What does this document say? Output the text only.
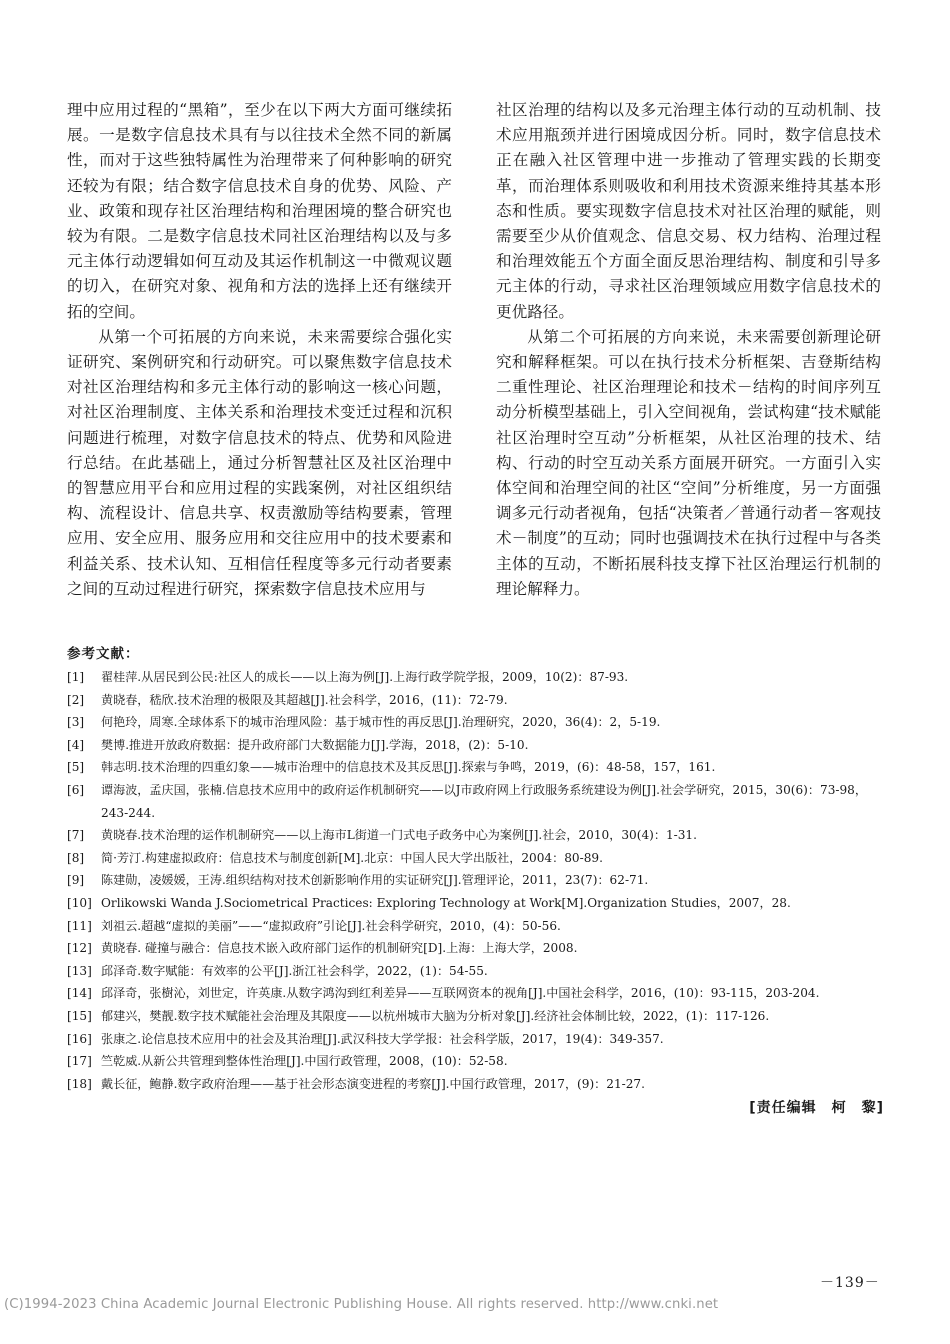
理中应用过程的“黑箱”，至少在以下两大方面可继续拓展。一是数字信息技术具有与以往技术全然不同的新属性，而对于这些独特属性为治理带来了何种影响的研究还较为有限；结合数字信息技术自身的优势、风险、产业、政策和现存社区治理结构和治理困境的整合研究也较为有限。二是数字信息技术同社区治理结构以及与多元主体行动逻辑如何互动及其运作机制这一中微观议题的切入，在研究对象、视角和方法的选择上还有继续开拓的空间。

从第一个可拓展的方向来说，未来需要综合强化实证研究、案例研究和行动研究。可以聚焦数字信息技术对社区治理结构和多元主体行动的影响这一核心问题，对社区治理制度、主体关系和治理技术变迁过程和沉积问题进行梳理，对数字信息技术的特点、优势和风险进行总结。在此基础上，通过分析智慧社区及社区治理中的智慧应用平台和应用过程的实践案例，对社区组织结构、流程设计、信息共享、权责激励等结构要素，管理应用、安全应用、服务应用和交往应用中的技术要素和利益关系、技术认知、互相信任程度等多元行动者要素之间的互动过程进行研究，探索数字信息技术应用与

社区治理的结构以及多元治理主体行动的互动机制、技术应用瓶颈并进行困境成因分析。同时，数字信息技术正在融入社区管理中进一步推动了管理实践的长期变革，而治理体系则吸收和利用技术资源来维持其基本形态和性质。要实现数字信息技术对社区治理的赋能，则需要至少从价值观念、信息交易、权力结构、治理过程和治理效能五个方面全面反思治理结构、制度和引导多元主体的行动，寻求社区治理领域应用数字信息技术的更优路径。

从第二个可拓展的方向来说，未来需要创新理论研究和解释框架。可以在执行技术分析框架、吉登斯结构二重性理论、社区治理理论和技术－结构的时间序列互动分析模型基础上，引入空间视角，尝试构建“技术赋能社区治理时空互动”分析框架，从社区治理的技术、结构、行动的时空互动关系方面展开研究。一方面引入实体空间和治理空间的社区“空间”分析维度，另一方面强调多元行动者视角，包括“决策者／普通行动者－客观技术－制度”的互动；同时也强调技术在执行过程中与各类主体的互动，不断拓展科技支撑下社区治理运行机制的理论解释力。

参考文献：
[1]	翟桂萍.从居民到公民:社区人的成长——以上海为例[J].上海行政学院学报，2009，10(2)：87-93.
[2]	黄晓春，嵇欣.技术治理的极限及其超越[J].社会科学，2016，(11)：72-79.
[3]	何艳玲，周寒.全球体系下的城市治理风险：基于城市性的再反思[J].治理研究，2020，36(4)：2，5-19.
[4]	樊博.推进开放政府数据：提升政府部门大数据能力[J].学海，2018，(2)：5-10.
[5]	韩志明.技术治理的四重幻象——城市治理中的信息技术及其反思[J].探索与争鸣，2019，(6)：48-58，157，161.
[6]	谭海波，孟庆国，张楠.信息技术应用中的政府运作机制研究——以J市政府网上行政服务系统建设为例[J].社会学研究，2015，30(6)：73-98，243-244.
[7]	黄晓春.技术治理的运作机制研究——以上海市L街道一门式电子政务中心为案例[J].社会，2010，30(4)：1-31.
[8]	简·芳汀.构建虚拟政府：信息技术与制度创新[M].北京：中国人民大学出版社，2004：80-89.
[9]	陈建勋，凌媛媛，王涛.组织结构对技术创新影响作用的实证研究[J].管理评论，2011，23(7)：62-71.
[10] Orlikowski Wanda J.Sociometrical Practices: Exploring Technology at Work[M].Organization Studies，2007，28.
[11] 刘祖云.超越“虚拟的美丽”——“虚拟政府”引论[J].社会科学研究，2010，(4)：50-56.
[12] 黄晓春. 碰撞与融合：信息技术嵌入政府部门运作的机制研究[D].上海：上海大学，2008.
[13] 邱泽奇.数字赋能：有效率的公平[J].浙江社会科学，2022，(1)：54-55.
[14] 邱泽奇，张樹沁，刘世定，许英康.从数字鸿沟到红利差异——互联网资本的视角[J].中国社会科学，2016，(10)：93-115，203-204.
[15] 郁建兴，樊靓.数字技术赋能社会治理及其限度——以杭州城市大脑为分析对象[J].经济社会体制比较，2022，(1)：117-126.
[16] 张康之.论信息技术应用中的社会及其治理[J].武汉科技大学学报：社会科学版，2017，19(4)：349-357.
[17] 竺乾威.从新公共管理到整体性治理[J].中国行政管理，2008，(10)：52-58.
[18] 戴长征，鲍静.数字政府治理——基于社会形态演变进程的考察[J].中国行政管理，2017，(9)：21-27.
[责任编辑　柯　黎]
－139－
(C)1994-2023 China Academic Journal Electronic Publishing House. All rights reserved. http://www.cnki.net
